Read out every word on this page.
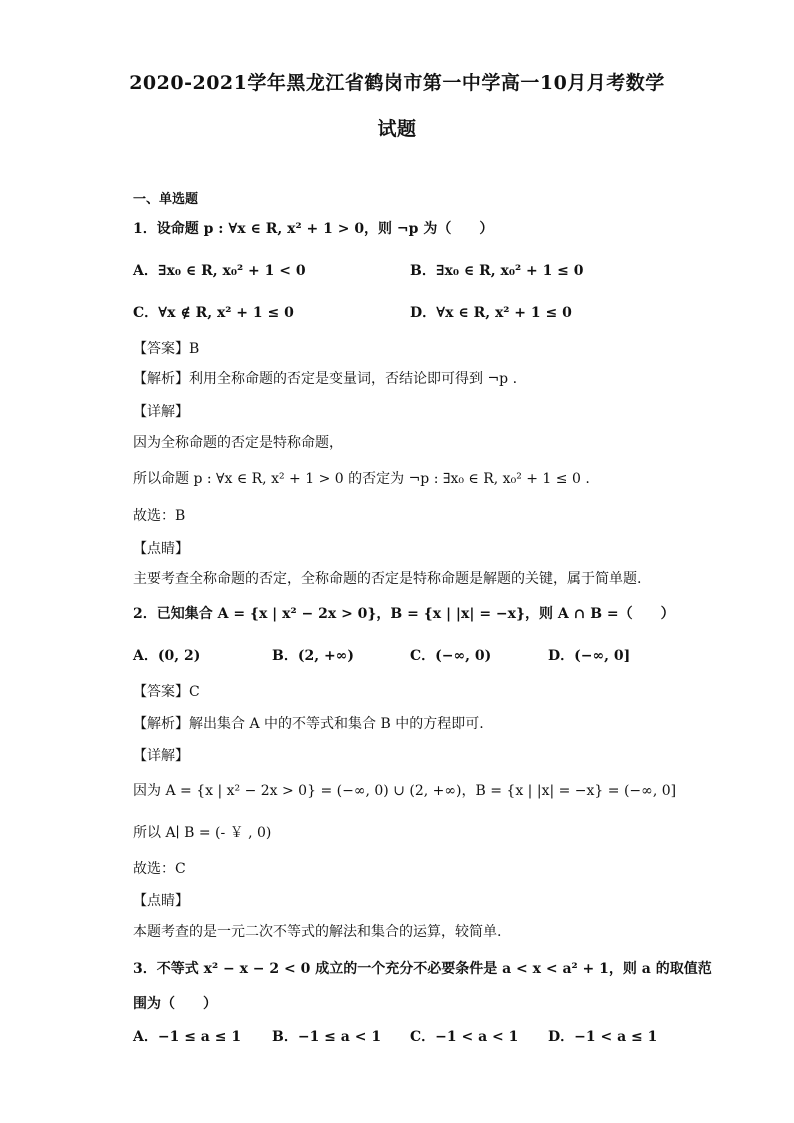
2020-2021学年黑龙江省鹤岗市第一中学高一10月月考数学
试题
一、单选题
1．设命题 p : ∀x ∈ R, x² + 1 > 0，则 ¬p 为（　　）
A．∃x₀ ∈ R, x₀² + 1 < 0	B．∃x₀ ∈ R, x₀² + 1 ≤ 0
C．∀x ∉ R, x² + 1 ≤ 0	D．∀x ∈ R, x² + 1 ≤ 0
【答案】B
【解析】利用全称命题的否定是变量词，否结论即可得到 ¬p .
【详解】
因为全称命题的否定是特称命题，
所以命题 p : ∀x ∈ R, x² + 1 > 0 的否定为 ¬p : ∃x₀ ∈ R, x₀² + 1 ≤ 0 .
故选：B
【点睛】
主要考查全称命题的否定，全称命题的否定是特称命题是解题的关键，属于简单题.
2．已知集合 A = {x | x² − 2x > 0}，B = {x | |x| = −x}，则 A ∩ B =（　　）
A．(0, 2)	B．(2, +∞)	C．(−∞, 0)	D．(−∞, 0]
【答案】C
【解析】解出集合 A 中的不等式和集合 B 中的方程即可.
【详解】
因为 A = {x | x² − 2x > 0} = (−∞, 0) ∪ (2, +∞)，B = {x | |x| = −x} = (−∞, 0]
所以 A∣ B = (- ￥ , 0)
故选：C
【点睛】
本题考查的是一元二次不等式的解法和集合的运算，较简单.
3．不等式 x² − x − 2 < 0 成立的一个充分不必要条件是 a < x < a² + 1，则 a 的取值范
围为（　　）
A．−1 ≤ a ≤ 1 B．−1 ≤ a < 1 C．−1 < a < 1 D．−1 < a ≤ 1
